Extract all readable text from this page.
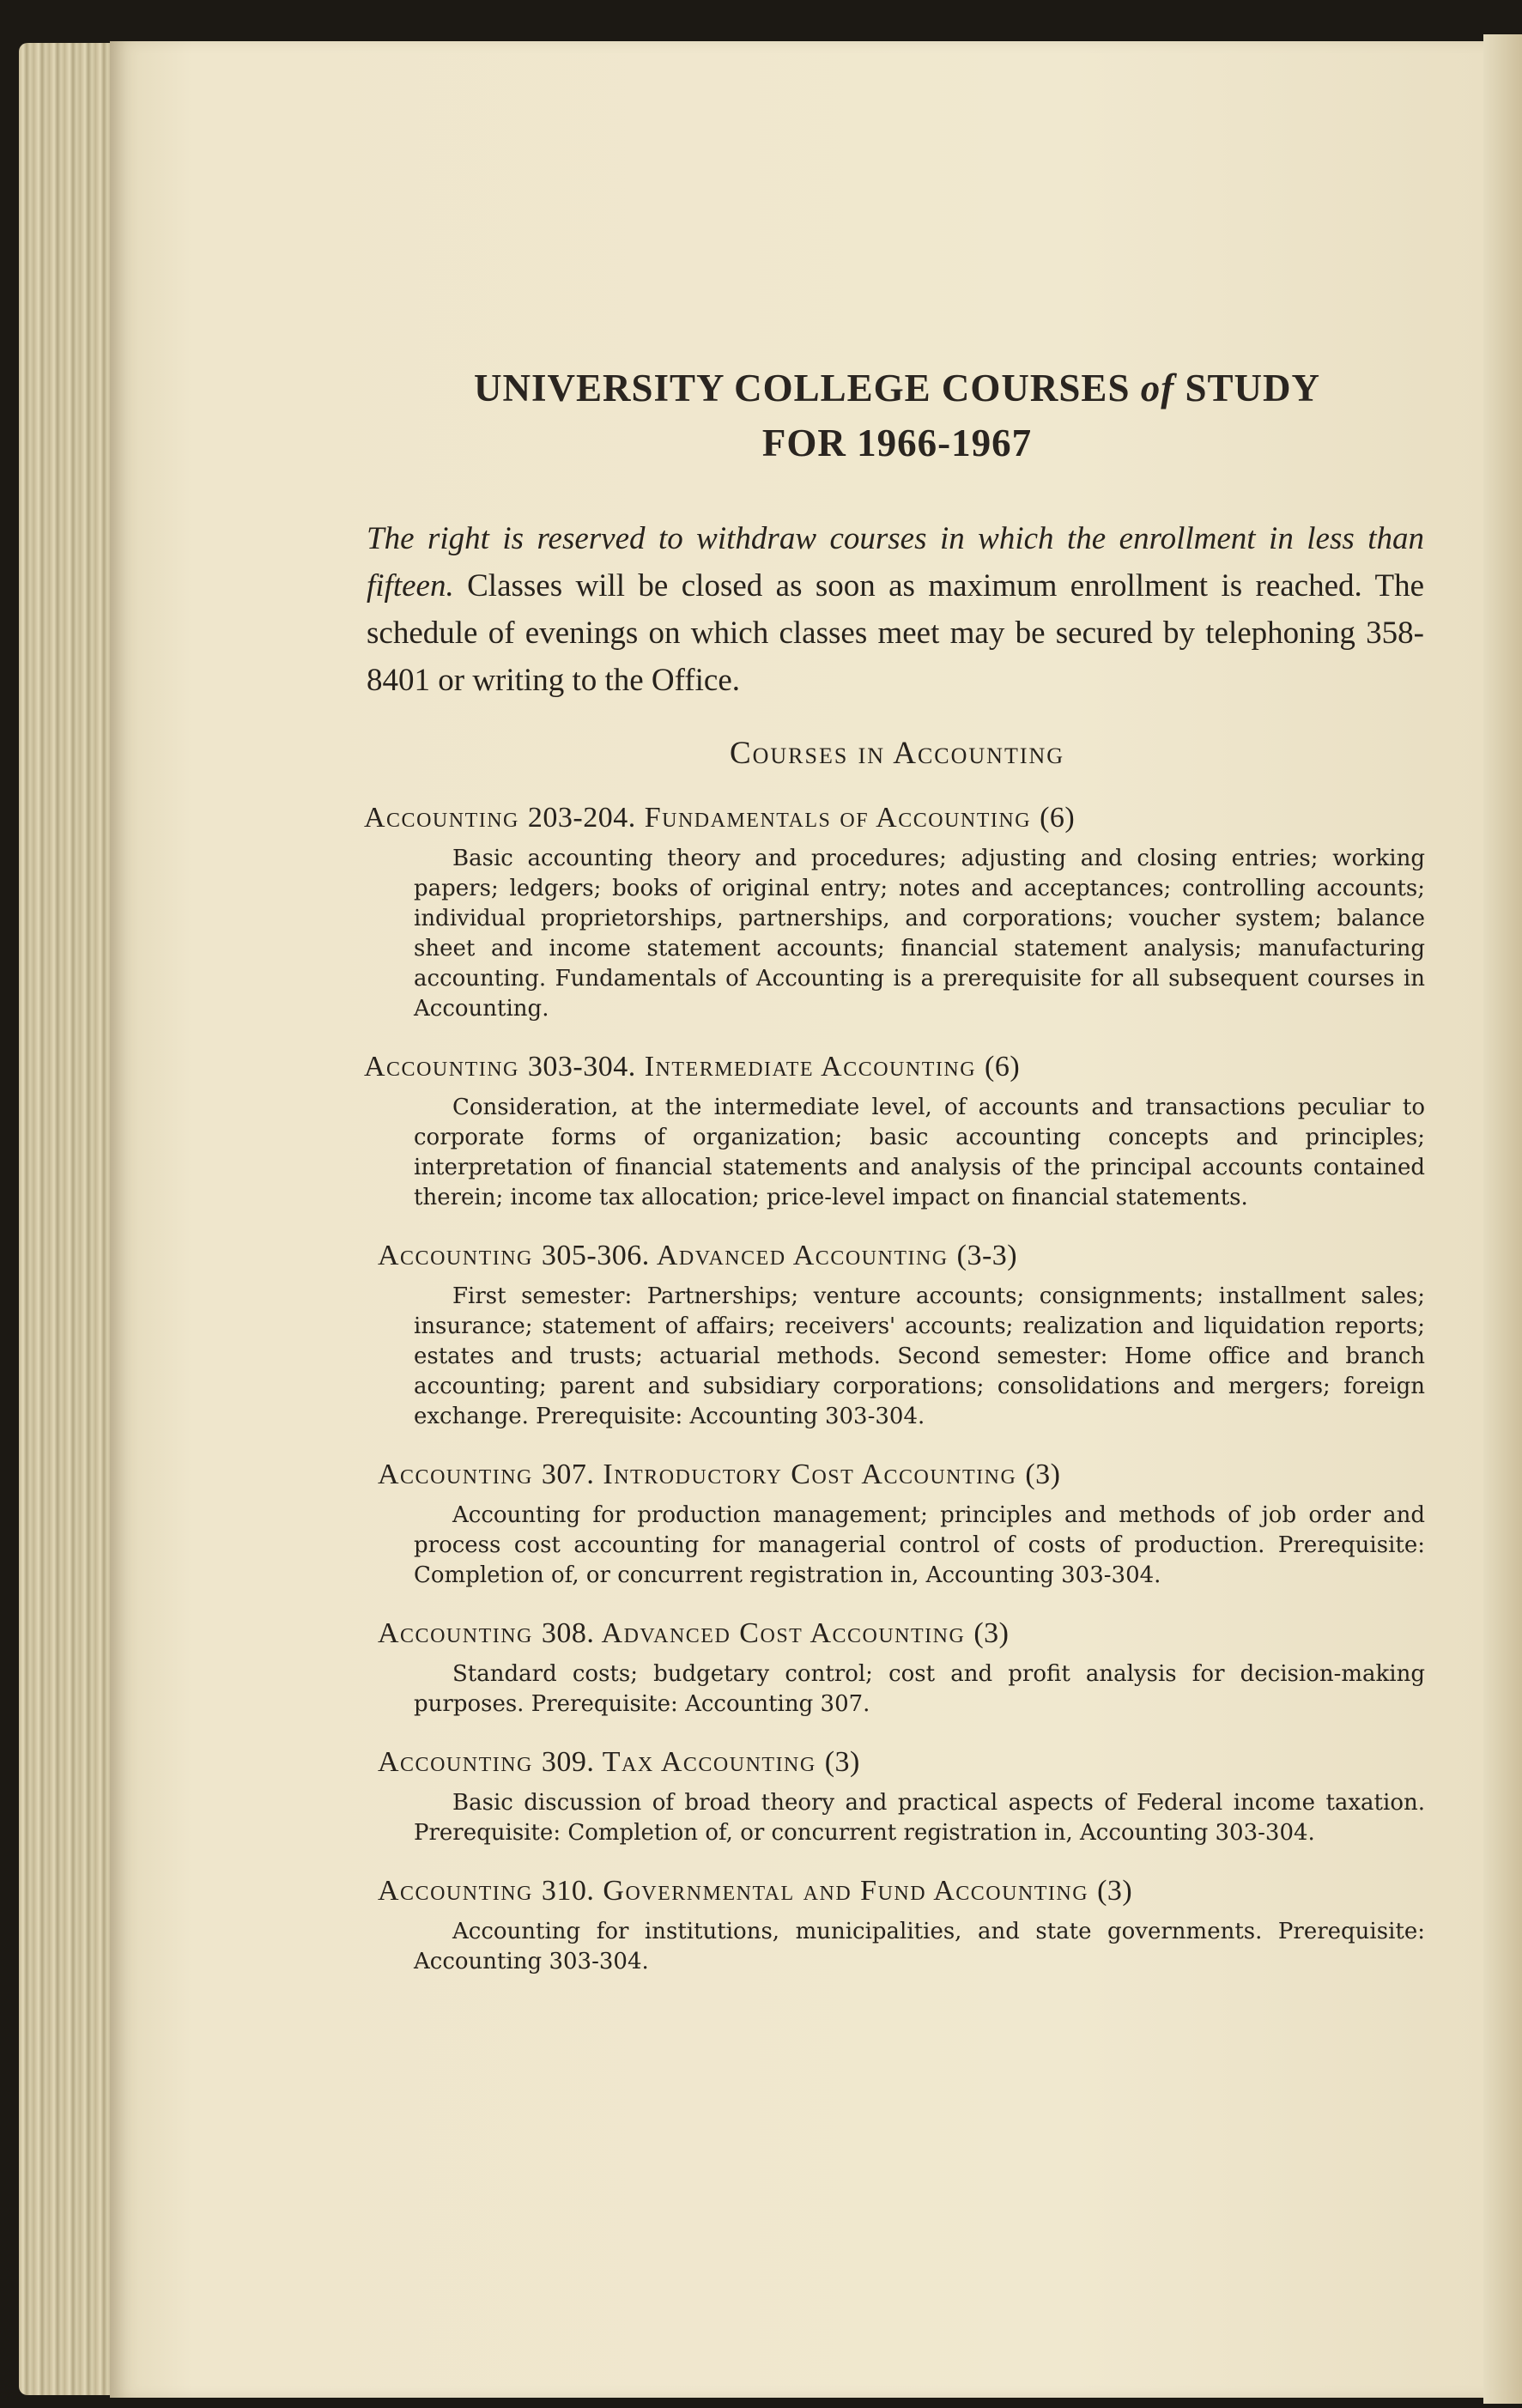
UNIVERSITY COLLEGE COURSES of STUDY
FOR 1966-1967

The right is reserved to withdraw courses in which the enrollment in less than fifteen. Classes will be closed as soon as maximum enrollment is reached. The schedule of evenings on which classes meet may be secured by telephoning 358-8401 or writing to the Office.

Courses in Accounting

Accounting 203-204. Fundamentals of Accounting (6)

Basic accounting theory and procedures; adjusting and closing entries; working papers; ledgers; books of original entry; notes and acceptances; controlling accounts; individual proprietorships, partnerships, and corporations; voucher system; balance sheet and income statement accounts; financial statement analysis; manufacturing accounting. Fundamentals of Accounting is a prerequisite for all subsequent courses in Accounting.

Accounting 303-304. Intermediate Accounting (6)

Consideration, at the intermediate level, of accounts and transactions peculiar to corporate forms of organization; basic accounting concepts and principles; interpretation of financial statements and analysis of the principal accounts contained therein; income tax allocation; price-level impact on financial statements.

Accounting 305-306. Advanced Accounting (3-3)

First semester: Partnerships; venture accounts; consignments; installment sales; insurance; statement of affairs; receivers' accounts; realization and liquidation reports; estates and trusts; actuarial methods. Second semester: Home office and branch accounting; parent and subsidiary corporations; consolidations and mergers; foreign exchange. Prerequisite: Accounting 303-304.

Accounting 307. Introductory Cost Accounting (3)

Accounting for production management; principles and methods of job order and process cost accounting for managerial control of costs of production. Prerequisite: Completion of, or concurrent registration in, Accounting 303-304.

Accounting 308. Advanced Cost Accounting (3)

Standard costs; budgetary control; cost and profit analysis for decision-making purposes. Prerequisite: Accounting 307.

Accounting 309. Tax Accounting (3)

Basic discussion of broad theory and practical aspects of Federal income taxation. Prerequisite: Completion of, or concurrent registration in, Accounting 303-304.

Accounting 310. Governmental and Fund Accounting (3)

Accounting for institutions, municipalities, and state governments. Prerequisite: Accounting 303-304.
